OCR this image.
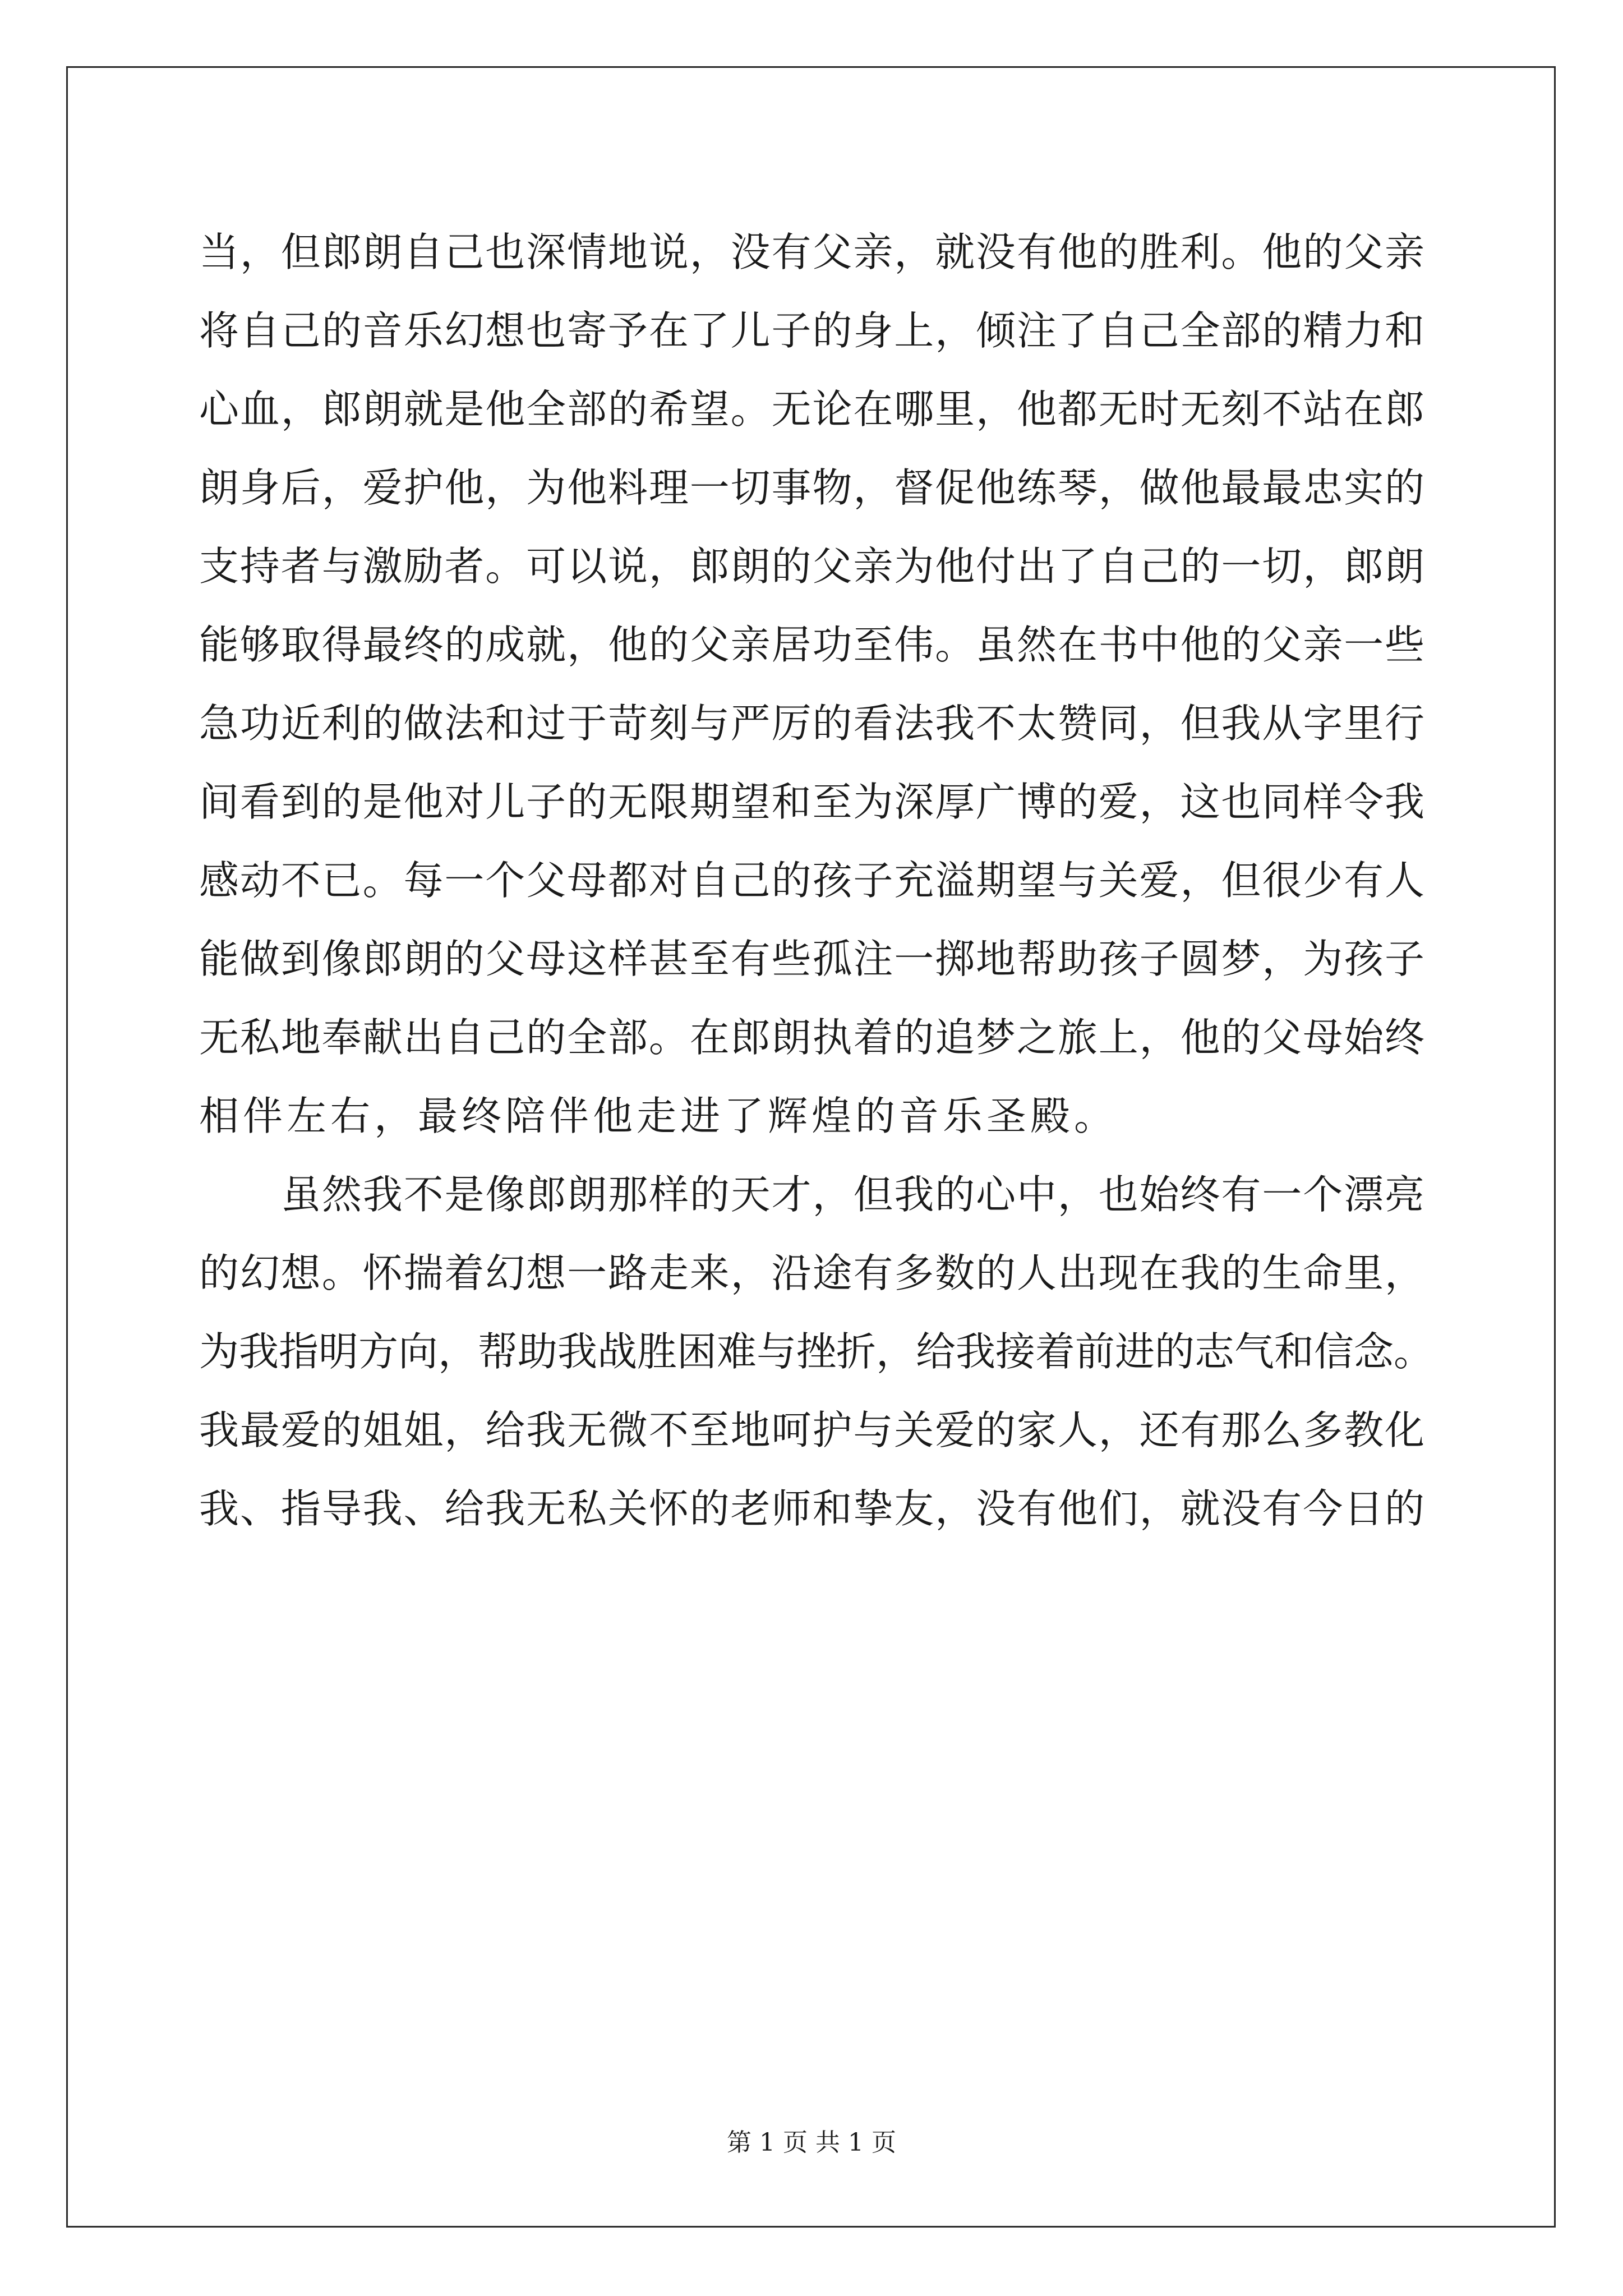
当，但郎朗自己也深情地说，没有父亲，就没有他的胜利。他的父亲
将自己的音乐幻想也寄予在了儿子的身上，倾注了自己全部的精力和
心血，郎朗就是他全部的希望。无论在哪里，他都无时无刻不站在郎
朗身后，爱护他，为他料理一切事物，督促他练琴，做他最最忠实的
支持者与激励者。可以说，郎朗的父亲为他付出了自己的一切，郎朗
能够取得最终的成就，他的父亲居功至伟。虽然在书中他的父亲一些
急功近利的做法和过于苛刻与严厉的看法我不太赞同，但我从字里行
间看到的是他对儿子的无限期望和至为深厚广博的爱，这也同样令我
感动不已。每一个父母都对自己的孩子充溢期望与关爱，但很少有人
能做到像郎朗的父母这样甚至有些孤注一掷地帮助孩子圆梦，为孩子
无私地奉献出自己的全部。在郎朗执着的追梦之旅上，他的父母始终
相伴左右，最终陪伴他走进了辉煌的音乐圣殿。
虽然我不是像郎朗那样的天才，但我的心中，也始终有一个漂亮
的幻想。怀揣着幻想一路走来，沿途有多数的人出现在我的生命里，
为我指明方向，帮助我战胜困难与挫折，给我接着前进的志气和信念。
我最爱的姐姐，给我无微不至地呵护与关爱的家人，还有那么多教化
我、指导我、给我无私关怀的老师和挚友，没有他们，就没有今日的
第 1 页 共 1 页
